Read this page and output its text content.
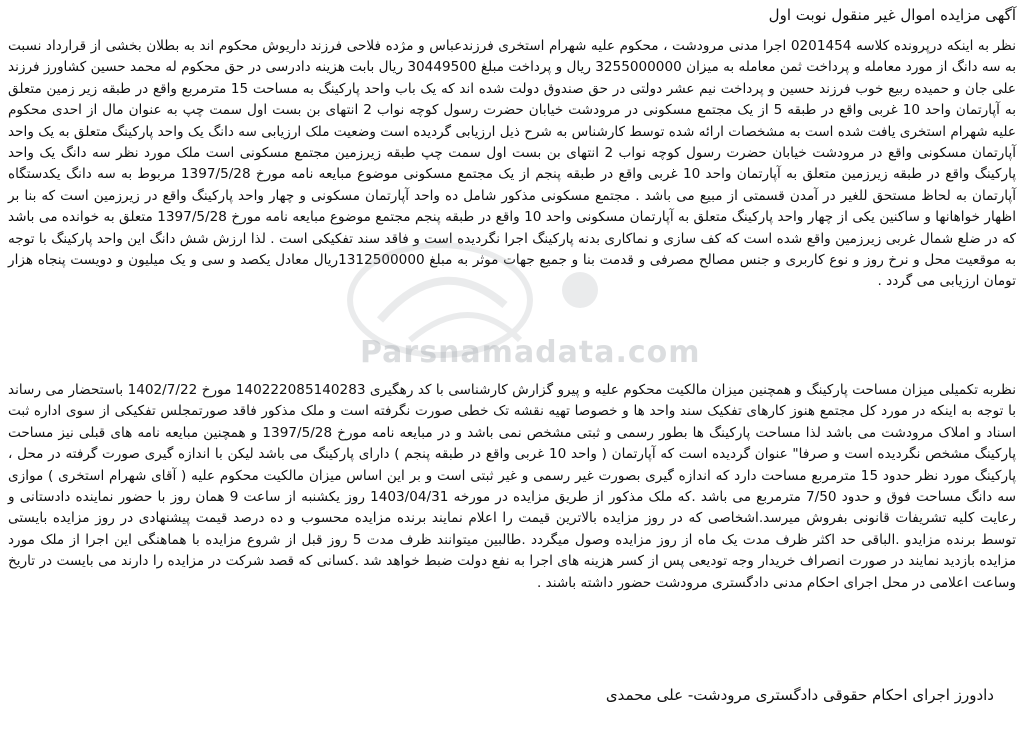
آگهی مزایده اموال غیر منقول نوبت اول
نظر به اینکه درپرونده کلاسه 0201454 اجرا مدنی مرودشت ، محکوم علیه شهرام استخری فرزندعباس و مژده فلاحی فرزند داریوش محکوم اند به بطلان بخشی از قرارداد نسبت به سه دانگ از مورد معامله و پرداخت ثمن معامله به میزان 3255000000 ریال و پرداخت مبلغ 30449500 ریال بابت هزینه دادرسی در حق محکوم له محمد حسین کشاورز فرزند علی جان و حمیده ربیع خوب فرزند حسین و پرداخت نیم عشر دولتی در حق صندوق دولت شده اند که یک باب واحد پارکینگ به مساحت 15 مترمربع واقع در طبقه زیر زمین متعلق به آپارتمان واحد 10 غربی واقع در طبقه 5 از یک مجتمع مسکونی در مرودشت خیابان حضرت رسول کوچه نواب 2 انتهای بن بست اول سمت چپ به عنوان مال از احدی محکوم علیه شهرام استخری یافت شده است به مشخصات ارائه شده توسط کارشناس به شرح ذیل ارزیابی گردیده است وضعیت ملک ارزیابی سه دانگ یک واحد پارکینگ متعلق به یک واحد آپارتمان مسکونی واقع در مرودشت خیابان حضرت رسول کوچه نواب 2 انتهای بن بست اول سمت چپ طبقه زیرزمین مجتمع مسکونی است ملک مورد نظر سه دانگ یک واحد پارکینگ واقع در طبقه زیرزمین متعلق به آپارتمان واحد 10 غربی واقع در طبقه پنجم از یک مجتمع مسکونی موضوع مبایعه نامه مورخ 1397/5/28 مربوط به سه دانگ یکدستگاه آپارتمان به لحاظ مستحق للغیر در آمدن قسمتی از مبیع می باشد . مجتمع مسکونی مذکور شامل ده واحد آپارتمان مسکونی و چهار واحد پارکینگ واقع در زیرزمین است که بنا بر اظهار خواهانها و ساکنین یکی از چهار واحد پارکینگ متعلق به آپارتمان مسکونی واحد 10 واقع در طبقه پنجم مجتمع موضوع مبایعه نامه مورخ 1397/5/28 متعلق به خوانده می باشد که در ضلع شمال غربی زیرزمین واقع شده است که کف سازی و نماکاری بدنه پارکینگ اجرا نگردیده است و فاقد سند تفکیکی است . لذا ارزش شش دانگ این واحد پارکینگ با توجه به موقعیت محل و نرخ روز و نوع کاربری و جنس مصالح مصرفی و قدمت بنا و جمیع جهات موثر به مبلغ 1312500000ریال معادل یکصد و سی و یک میلیون و دویست پنجاه هزار تومان ارزیابی می گردد .
نظربه تکمیلی میزان مساحت پارکینگ و همچنین میزان مالکیت محکوم علیه و پیرو گزارش کارشناسی با کد رهگیری 140222085140283 مورخ 1402/7/22 باستحضار می رساند با توجه به اینکه در مورد کل مجتمع هنوز کارهای تفکیک سند واحد ها و خصوصا تهیه نقشه تک خطی صورت نگرفته است و ملک مذکور فاقد صورتمجلس تفکیکی از سوی اداره ثبت اسناد و املاک مرودشت می باشد لذا مساحت پارکینگ ها بطور رسمی و ثبتی مشخص نمی باشد و در مبایعه نامه مورخ 1397/5/28 و همچنین مبایعه نامه های قبلی نیز مساحت پارکینگ مشخص نگردیده است و صرفا" عنوان گردیده است که آپارتمان ( واحد 10 غربی واقع در طبقه پنجم ) دارای پارکینگ می باشد لیکن با اندازه گیری صورت گرفته در محل ، پارکینگ مورد نظر حدود 15 مترمربع مساحت دارد که اندازه گیری بصورت غیر رسمی و غیر ثبتی است و بر این اساس میزان مالکیت محکوم علیه ( آقای شهرام استخری ) موازی سه دانگ مساحت فوق و حدود 7/50 مترمربع می باشد .که ملک مذکور از طریق مزایده در مورخه 1403/04/31 روز یکشنبه از ساعت 9 همان روز با حضور نماینده دادستانی و رعایت کلیه تشریفات قانونی بفروش میرسد.اشخاصی که در روز مزایده بالاترین قیمت را اعلام نمایند برنده مزایده محسوب و ده درصد قیمت پیشنهادی در روز مزایده بایستی توسط برنده مزایدو .الباقی حد اکثر ظرف مدت یک ماه از روز مزایده وصول میگردد .طالبین میتوانند ظرف مدت 5 روز قبل از شروع مزایده با هماهنگی این اجرا از ملک مورد مزایده بازدید نمایند در صورت انصراف خریدار وجه تودیعی پس از کسر هزینه های اجرا به نفع دولت ضبط خواهد شد .کسانی که قصد شرکت در مزایده را دارند می بایست در تاریخ وساعت اعلامی در محل اجرای احکام مدنی دادگستری مرودشت حضور داشته باشند .
دادورز اجرای احکام حقوقی دادگستری مرودشت- علی محمدی
Parsnamadata.com
